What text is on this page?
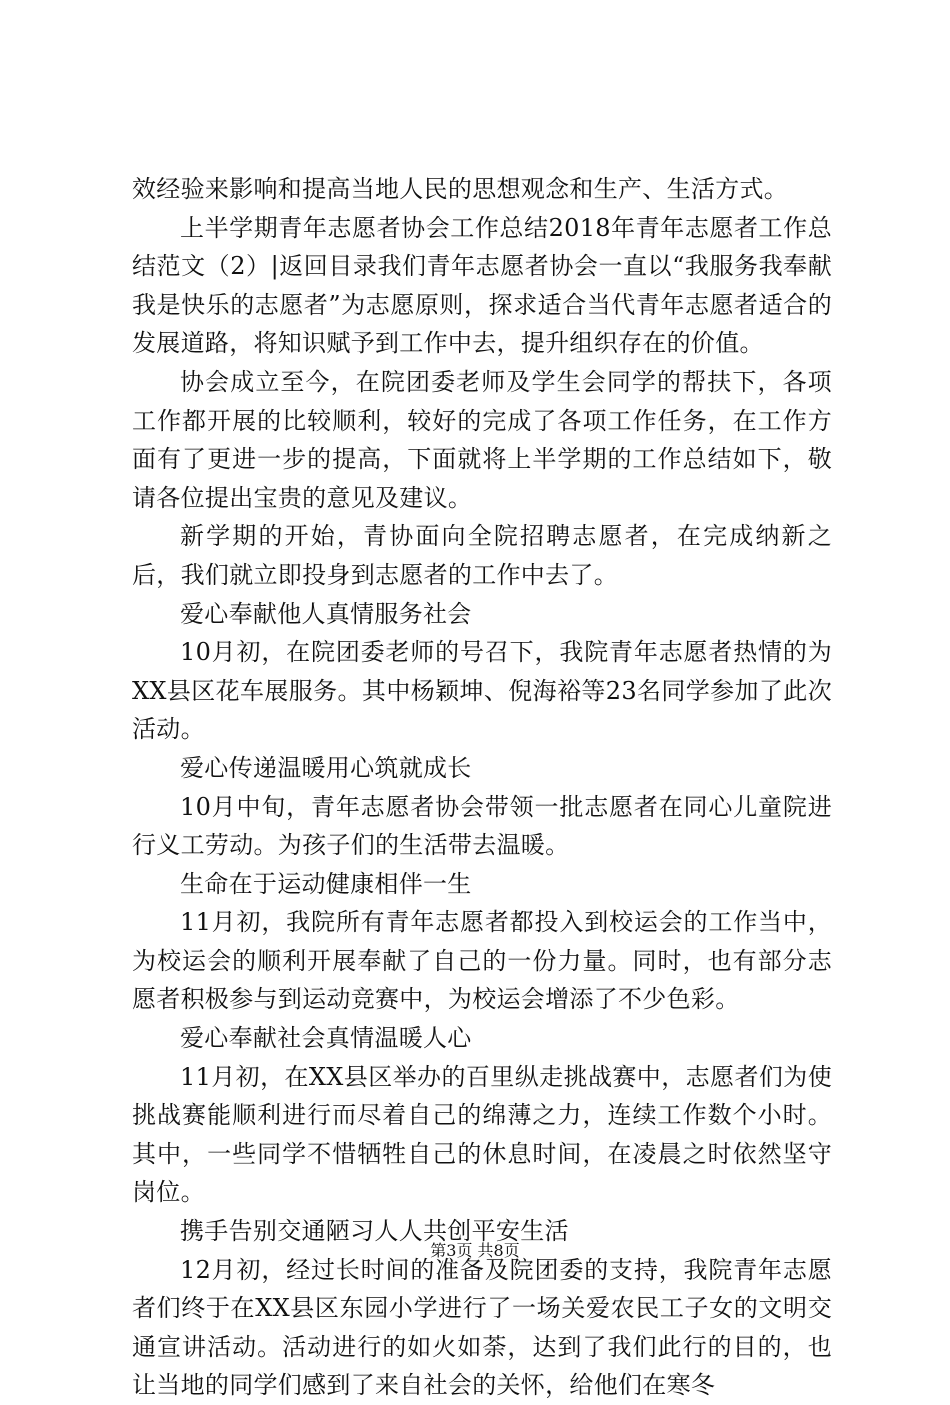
效经验来影响和提高当地人民的思想观念和生产、生活方式。

上半学期青年志愿者协会工作总结2018年青年志愿者工作总结范文（2）|返回目录我们青年志愿者协会一直以“我服务我奉献我是快乐的志愿者”为志愿原则，探求适合当代青年志愿者适合的发展道路，将知识赋予到工作中去，提升组织存在的价值。

协会成立至今，在院团委老师及学生会同学的帮扶下，各项工作都开展的比较顺利，较好的完成了各项工作任务，在工作方面有了更进一步的提高，下面就将上半学期的工作总结如下，敬请各位提出宝贵的意见及建议。

新学期的开始，青协面向全院招聘志愿者，在完成纳新之后，我们就立即投身到志愿者的工作中去了。

爱心奉献他人真情服务社会

10月初，在院团委老师的号召下，我院青年志愿者热情的为XX县区花车展服务。其中杨颖坤、倪海裕等23名同学参加了此次活动。

爱心传递温暖用心筑就成长

10月中旬，青年志愿者协会带领一批志愿者在同心儿童院进行义工劳动。为孩子们的生活带去温暖。

生命在于运动健康相伴一生

11月初，我院所有青年志愿者都投入到校运会的工作当中，为校运会的顺利开展奉献了自己的一份力量。同时，也有部分志愿者积极参与到运动竞赛中，为校运会增添了不少色彩。

爱心奉献社会真情温暖人心

11月初，在XX县区举办的百里纵走挑战赛中，志愿者们为使挑战赛能顺利进行而尽着自己的绵薄之力，连续工作数个小时。其中，一些同学不惜牺牲自己的休息时间，在凌晨之时依然坚守岗位。

携手告别交通陋习人人共创平安生活

12月初，经过长时间的准备及院团委的支持，我院青年志愿者们终于在XX县区东园小学进行了一场关爱农民工子女的文明交通宣讲活动。活动进行的如火如荼，达到了我们此行的目的，也让当地的同学们感到了来自社会的关怀，给他们在寒冬

第3页 共8页
